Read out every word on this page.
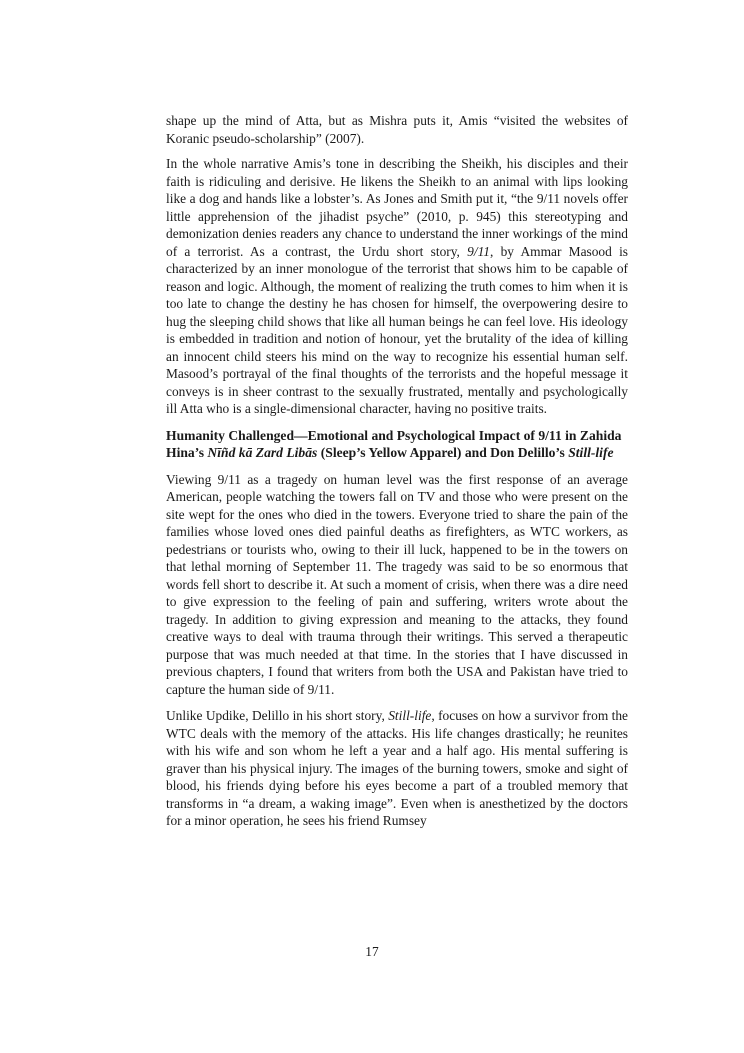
shape up the mind of Atta, but as Mishra puts it, Amis “visited the websites of Koranic pseudo-scholarship” (2007).

In the whole narrative Amis’s tone in describing the Sheikh, his disciples and their faith is ridiculing and derisive. He likens the Sheikh to an animal with lips looking like a dog and hands like a lobster’s. As Jones and Smith put it, “the 9/11 novels offer little apprehension of the jihadist psyche” (2010, p. 945) this stereotyping and demonization denies readers any chance to understand the inner workings of the mind of a terrorist. As a contrast, the Urdu short story, 9/11, by Ammar Masood is characterized by an inner monologue of the terrorist that shows him to be capable of reason and logic. Although, the moment of realizing the truth comes to him when it is too late to change the destiny he has chosen for himself, the overpowering desire to hug the sleeping child shows that like all human beings he can feel love. His ideology is embedded in tradition and notion of honour, yet the brutality of the idea of killing an innocent child steers his mind on the way to recognize his essential human self. Masood’s portrayal of the final thoughts of the terrorists and the hopeful message it conveys is in sheer contrast to the sexually frustrated, mentally and psychologically ill Atta who is a single-dimensional character, having no positive traits.

Humanity Challenged—Emotional and Psychological Impact of 9/11 in Zahida Hina’s Nīñd kā Zard Libās (Sleep’s Yellow Apparel) and Don Delillo’s Still-life

Viewing 9/11 as a tragedy on human level was the first response of an average American, people watching the towers fall on TV and those who were present on the site wept for the ones who died in the towers. Everyone tried to share the pain of the families whose loved ones died painful deaths as firefighters, as WTC workers, as pedestrians or tourists who, owing to their ill luck, happened to be in the towers on that lethal morning of September 11. The tragedy was said to be so enormous that words fell short to describe it. At such a moment of crisis, when there was a dire need to give expression to the feeling of pain and suffering, writers wrote about the tragedy. In addition to giving expression and meaning to the attacks, they found creative ways to deal with trauma through their writings. This served a therapeutic purpose that was much needed at that time. In the stories that I have discussed in previous chapters, I found that writers from both the USA and Pakistan have tried to capture the human side of 9/11.

Unlike Updike, Delillo in his short story, Still-life, focuses on how a survivor from the WTC deals with the memory of the attacks. His life changes drastically; he reunites with his wife and son whom he left a year and a half ago. His mental suffering is graver than his physical injury. The images of the burning towers, smoke and sight of blood, his friends dying before his eyes become a part of a troubled memory that transforms in “a dream, a waking image”. Even when is anesthetized by the doctors for a minor operation, he sees his friend Rumsey

17
